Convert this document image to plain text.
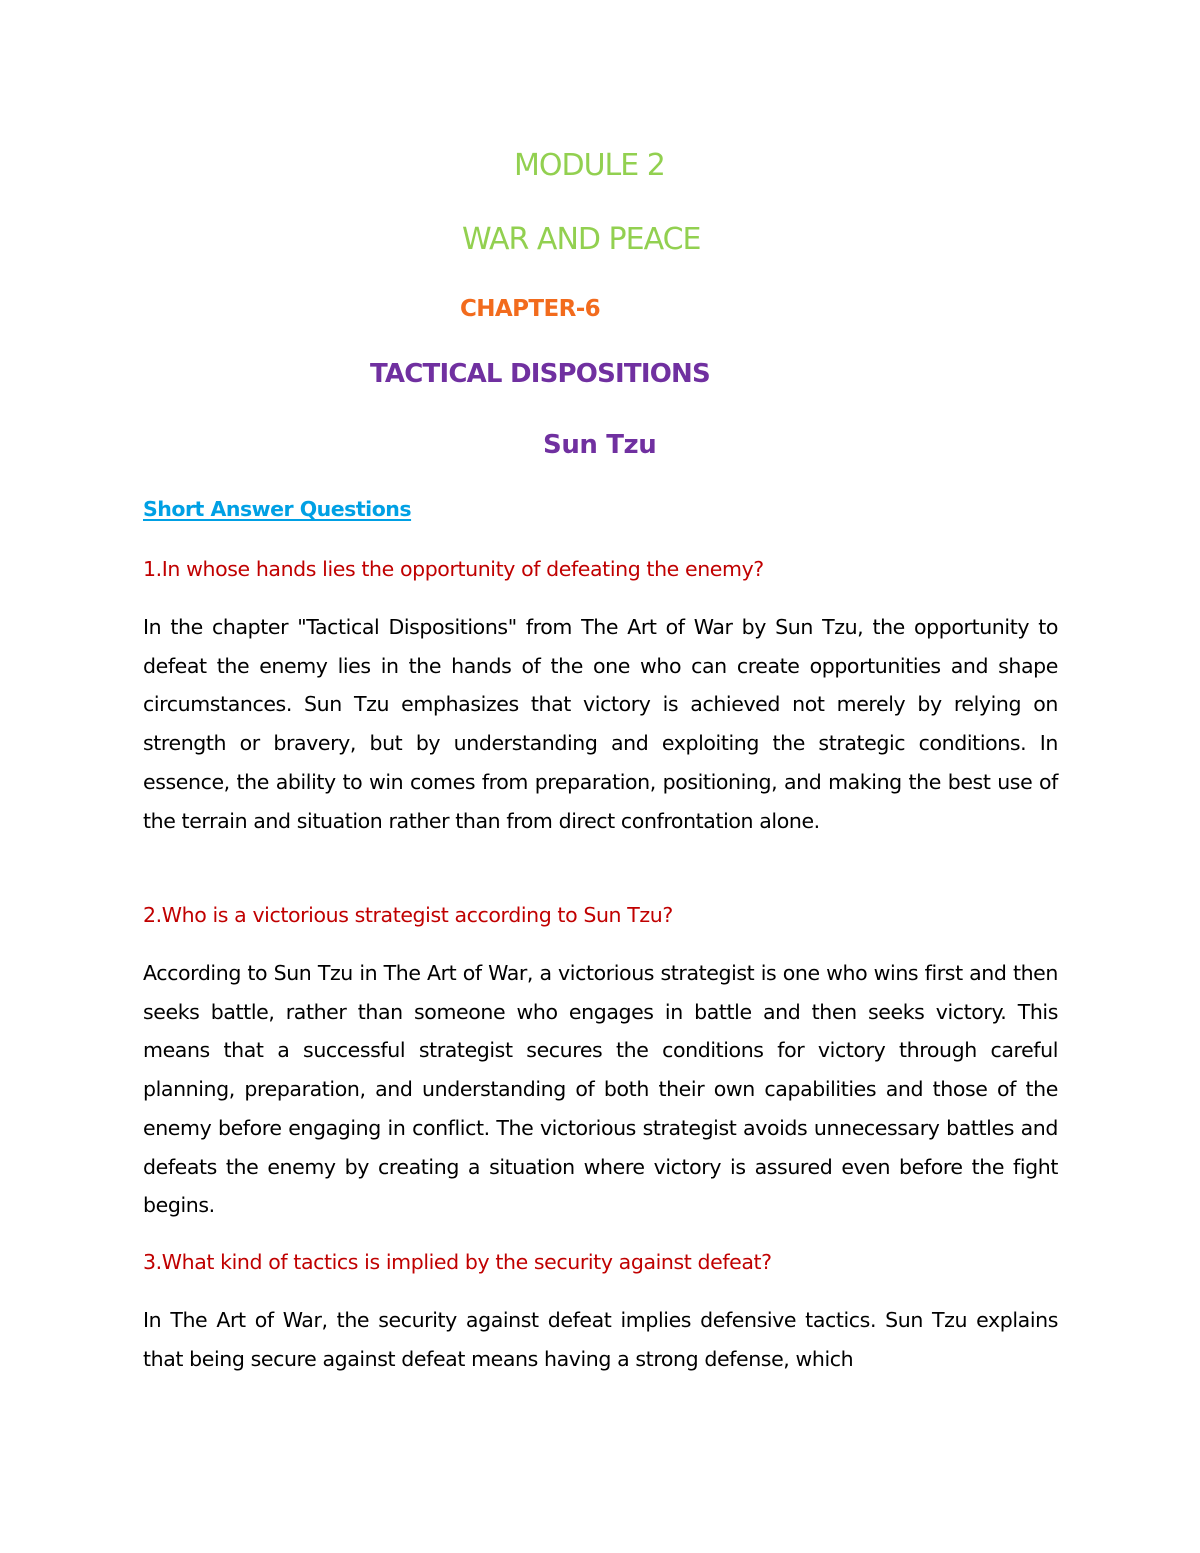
MODULE 2
WAR AND PEACE
CHAPTER-6
TACTICAL DISPOSITIONS
Sun Tzu
Short Answer Questions

1.In whose hands lies the opportunity of defeating the enemy?

In the chapter "Tactical Dispositions" from The Art of War by Sun Tzu, the opportunity to defeat the enemy lies in the hands of the one who can create opportunities and shape circumstances. Sun Tzu emphasizes that victory is achieved not merely by relying on strength or bravery, but by understanding and exploiting the strategic conditions. In essence, the ability to win comes from preparation, positioning, and making the best use of the terrain and situation rather than from direct confrontation alone.

2.Who is a victorious strategist according to Sun Tzu?

According to Sun Tzu in The Art of War, a victorious strategist is one who wins first and then seeks battle, rather than someone who engages in battle and then seeks victory. This means that a successful strategist secures the conditions for victory through careful planning, preparation, and understanding of both their own capabilities and those of the enemy before engaging in conflict. The victorious strategist avoids unnecessary battles and defeats the enemy by creating a situation where victory is assured even before the fight begins.

3.What kind of tactics is implied by the security against defeat?

In The Art of War, the security against defeat implies defensive tactics. Sun Tzu explains that being secure against defeat means having a strong defense, which
